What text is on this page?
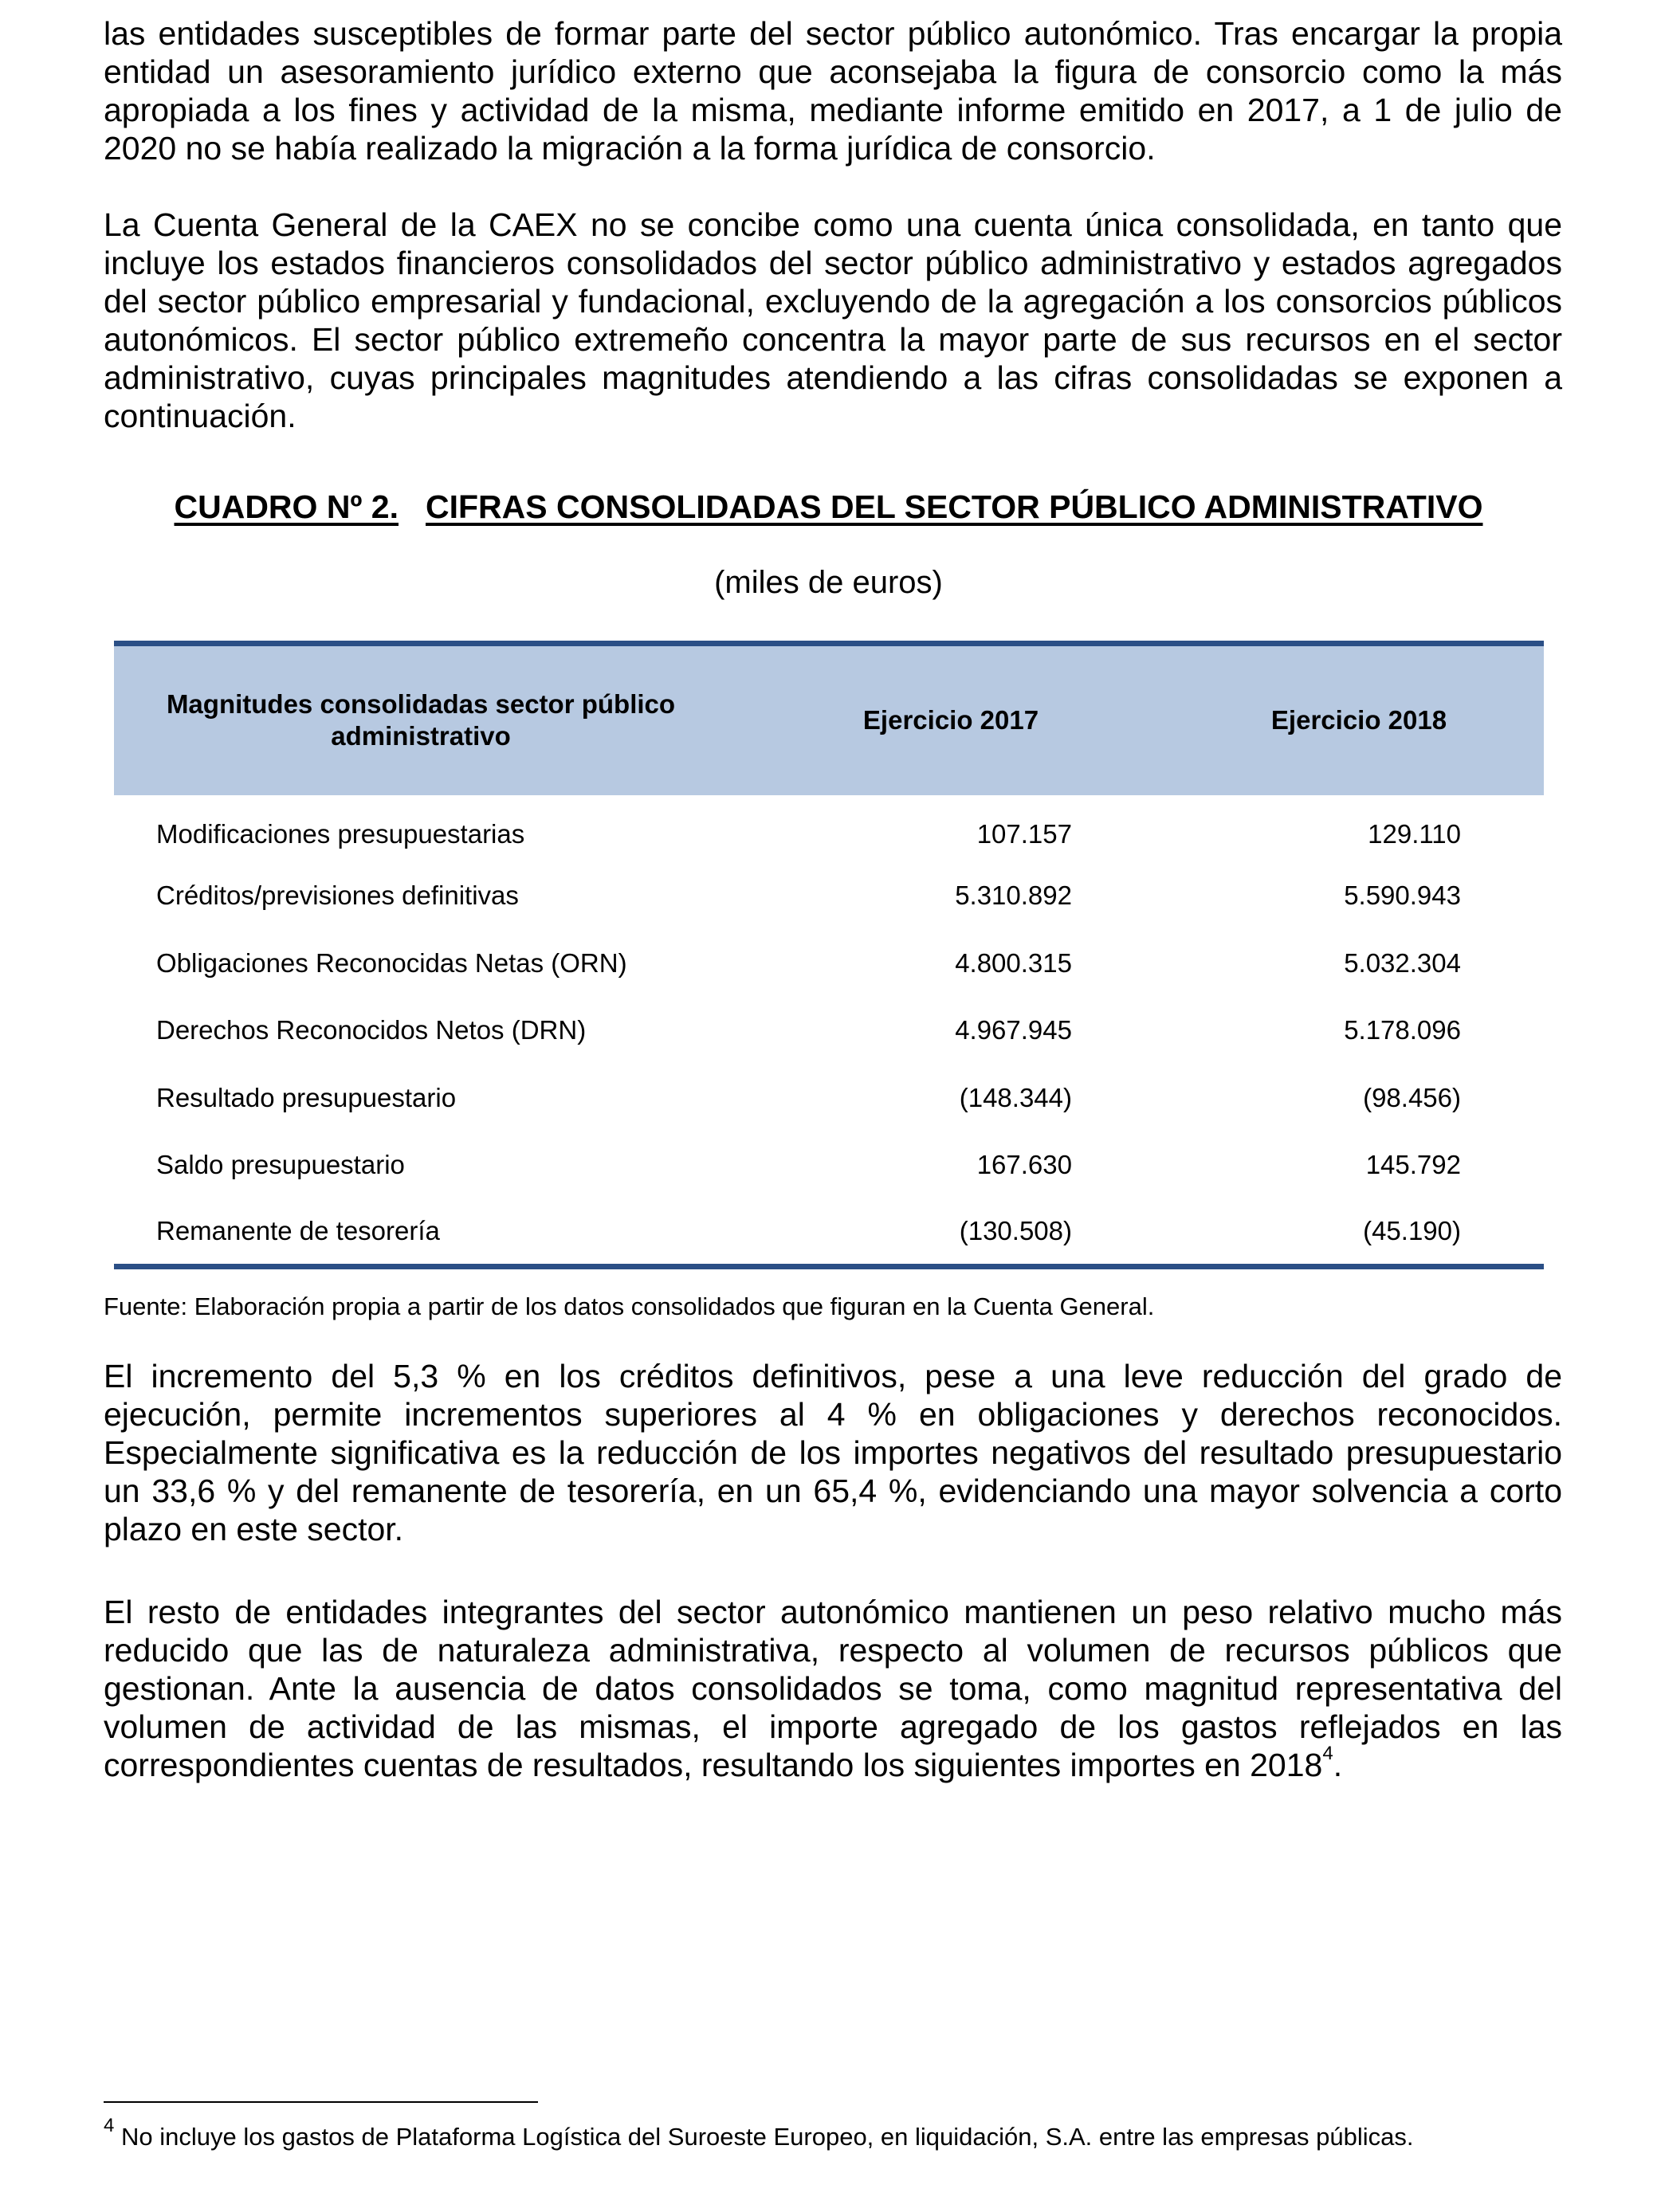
las entidades susceptibles de formar parte del sector público autonómico. Tras encargar la propia entidad un asesoramiento jurídico externo que aconsejaba la figura de consorcio como la más apropiada a los fines y actividad de la misma, mediante informe emitido en 2017, a 1 de julio de 2020 no se había realizado la migración a la forma jurídica de consorcio.

La Cuenta General de la CAEX no se concibe como una cuenta única consolidada, en tanto que incluye los estados financieros consolidados del sector público administrativo y estados agregados del sector público empresarial y fundacional, excluyendo de la agregación a los consorcios públicos autonómicos. El sector público extremeño concentra la mayor parte de sus recursos en el sector administrativo, cuyas principales magnitudes atendiendo a las cifras consolidadas se exponen a continuación.

CUADRO Nº 2. CIFRAS CONSOLIDADAS DEL SECTOR PÚBLICO ADMINISTRATIVO

(miles de euros)

Magnitudes consolidadas sector público administrativo	Ejercicio 2017	Ejercicio 2018
Modificaciones presupuestarias	107.157	129.110
Créditos/previsiones definitivas	5.310.892	5.590.943
Obligaciones Reconocidas Netas (ORN)	4.800.315	5.032.304
Derechos Reconocidos Netos (DRN)	4.967.945	5.178.096
Resultado presupuestario	(148.344)	(98.456)
Saldo presupuestario	167.630	145.792
Remanente de tesorería	(130.508)	(45.190)

Fuente: Elaboración propia a partir de los datos consolidados que figuran en la Cuenta General.

El incremento del 5,3 % en los créditos definitivos, pese a una leve reducción del grado de ejecución, permite incrementos superiores al 4 % en obligaciones y derechos reconocidos. Especialmente significativa es la reducción de los importes negativos del resultado presupuestario un 33,6 % y del remanente de tesorería, en un 65,4 %, evidenciando una mayor solvencia a corto plazo en este sector.

El resto de entidades integrantes del sector autonómico mantienen un peso relativo mucho más reducido que las de naturaleza administrativa, respecto al volumen de recursos públicos que gestionan. Ante la ausencia de datos consolidados se toma, como magnitud representativa del volumen de actividad de las mismas, el importe agregado de los gastos reflejados en las correspondientes cuentas de resultados, resultando los siguientes importes en 2018$^4$.

$^4$ No incluye los gastos de Plataforma Logística del Suroeste Europeo, en liquidación, S.A. entre las empresas públicas.
